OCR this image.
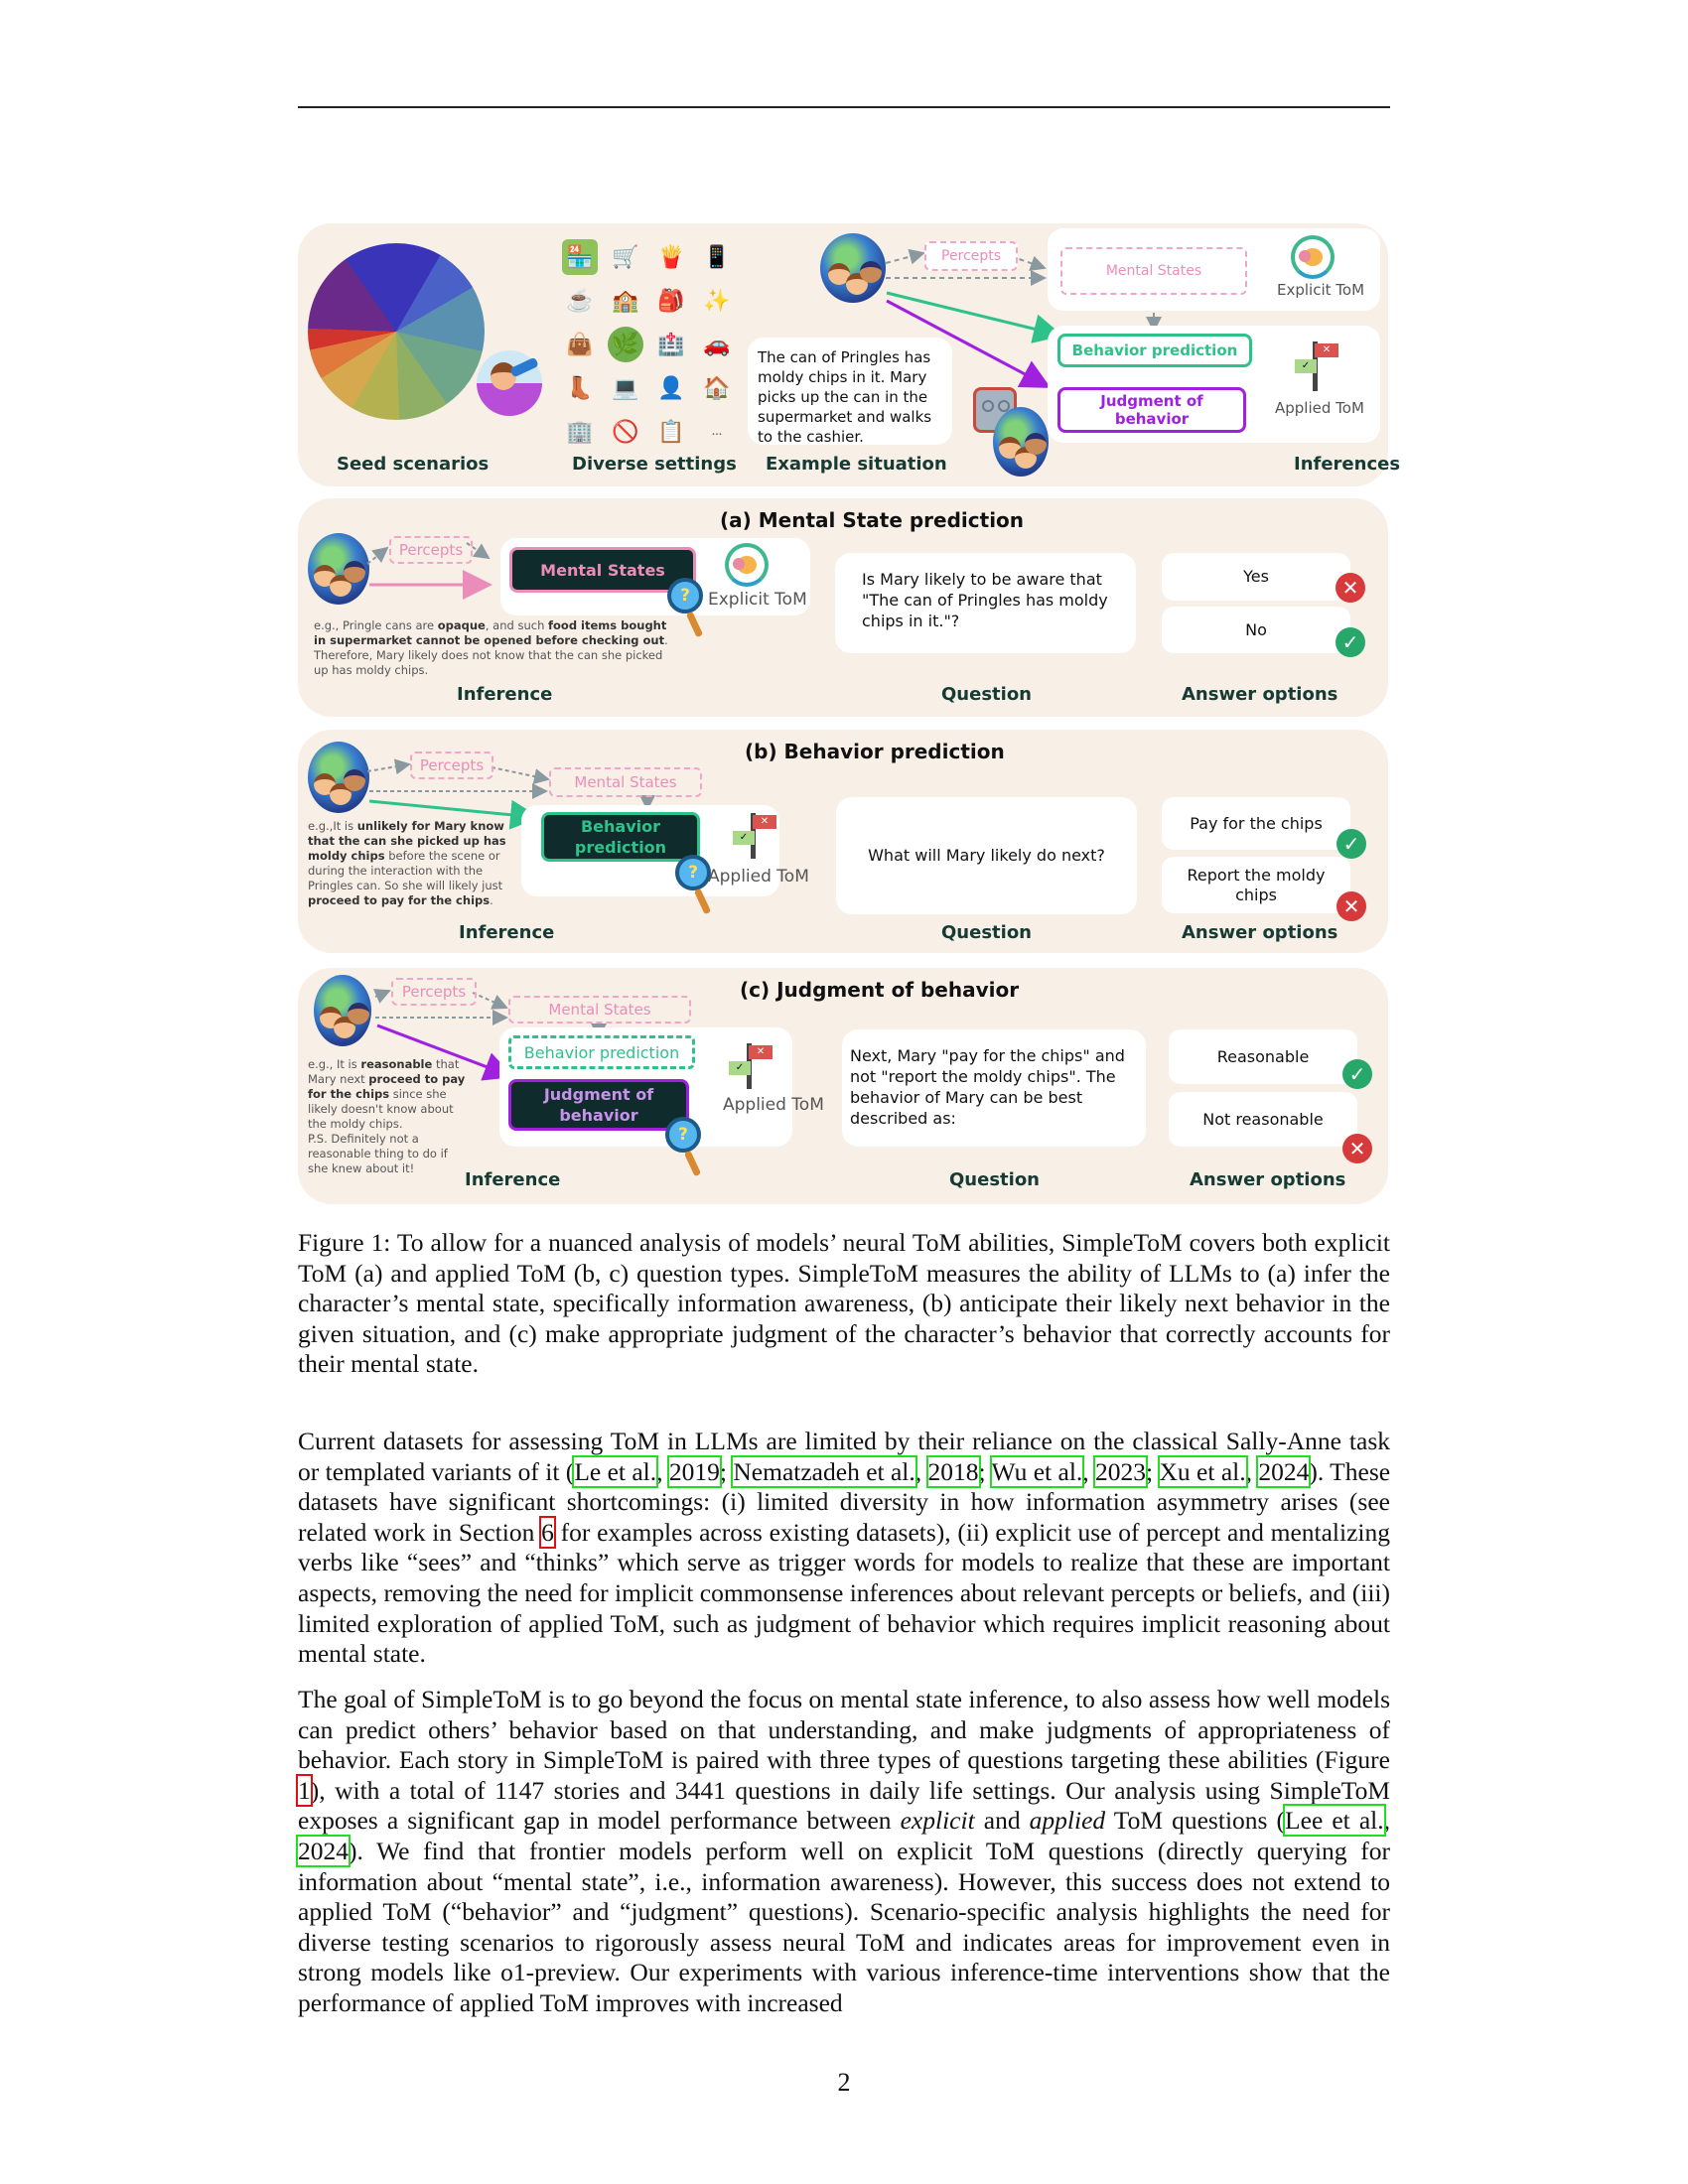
Seed scenarios
🏪 🛒 🍟 📱
☕ 🏫 🎒 ✨
👜 🌿 🏥 🚗
👢 💻 👤 🏠
🏢 🚫 📋	...
Diverse settings
The can of Pringles has moldy chips in it. Mary picks up the can in the supermarket and walks to the cashier.
Example situation
Percepts
Mental States
Explicit ToM
Behavior prediction
Judgment of behavior
✕
✓
Applied ToM
Inferences
(a) Mental State prediction
Percepts
Mental States
?	Explicit ToM
e.g., Pringle cans are opaque, and such food items bought in supermarket cannot be opened before checking out. Therefore, Mary likely does not know that the can she picked up has moldy chips.
Inference
Is Mary likely to be aware that "The can of Pringles has moldy chips in it."?
Question
Yes	✕
No
✓
Answer options
(b) Behavior prediction
Percepts
Mental States
Behavior prediction
?
✕
✓
Applied ToM
e.g.,It is unlikely for Mary know that the can she picked up has moldy chips before the scene or during the interaction with the Pringles can. So she will likely just proceed to pay for the chips.
Inference
What will Mary likely do next?
Question
Pay for the chips
✓
Report the moldy chips	✕
Answer options
(c) Judgment of behavior
Percepts
Mental States
Behavior prediction
Judgment of behavior
?
✕
✓
Applied ToM
e.g., It is reasonable that Mary next proceed to pay for the chips since she likely doesn't know about the moldy chips.
P.S. Definitely not a reasonable thing to do if she knew about it!
Inference
Next, Mary "pay for the chips" and not "report the moldy chips". The behavior of Mary can be best described as:
Question
Reasonable
✓
Not reasonable
✕
Answer options
Figure 1: To allow for a nuanced analysis of models’ neural ToM abilities, SimpleToM covers both explicit ToM (a) and applied ToM (b, c) question types. SimpleToM measures the ability of LLMs to (a) infer the character’s mental state, specifically information awareness, (b) anticipate their likely next behavior in the given situation, and (c) make appropriate judgment of the character’s behavior that correctly accounts for their mental state.
Current datasets for assessing ToM in LLMs are limited by their reliance on the classical Sally-Anne task or templated variants of it (Le et al., 2019; Nematzadeh et al., 2018; Wu et al., 2023; Xu et al., 2024). These datasets have significant shortcomings: (i) limited diversity in how information asymmetry arises (see related work in Section 6 for examples across existing datasets), (ii) explicit use of percept and mentalizing verbs like “sees” and “thinks” which serve as trigger words for models to realize that these are important aspects, removing the need for implicit commonsense inferences about relevant percepts or beliefs, and (iii) limited exploration of applied ToM, such as judgment of behavior which requires implicit reasoning about mental state.
The goal of SimpleToM is to go beyond the focus on mental state inference, to also assess how well models can predict others’ behavior based on that understanding, and make judgments of appropriateness of behavior. Each story in SimpleToM is paired with three types of questions targeting these abilities (Figure 1), with a total of 1147 stories and 3441 questions in daily life settings. Our analysis using SimpleToM exposes a significant gap in model performance between explicit and applied ToM questions (Lee et al., 2024). We find that frontier models perform well on explicit ToM questions (directly querying for information about “mental state”, i.e., information awareness). However, this success does not extend to applied ToM (“behavior” and “judgment” questions). Scenario-specific analysis highlights the need for diverse testing scenarios to rigorously assess neural ToM and indicates areas for improvement even in strong models like o1-preview. Our experiments with various inference-time interventions show that the performance of applied ToM improves with increased
2
